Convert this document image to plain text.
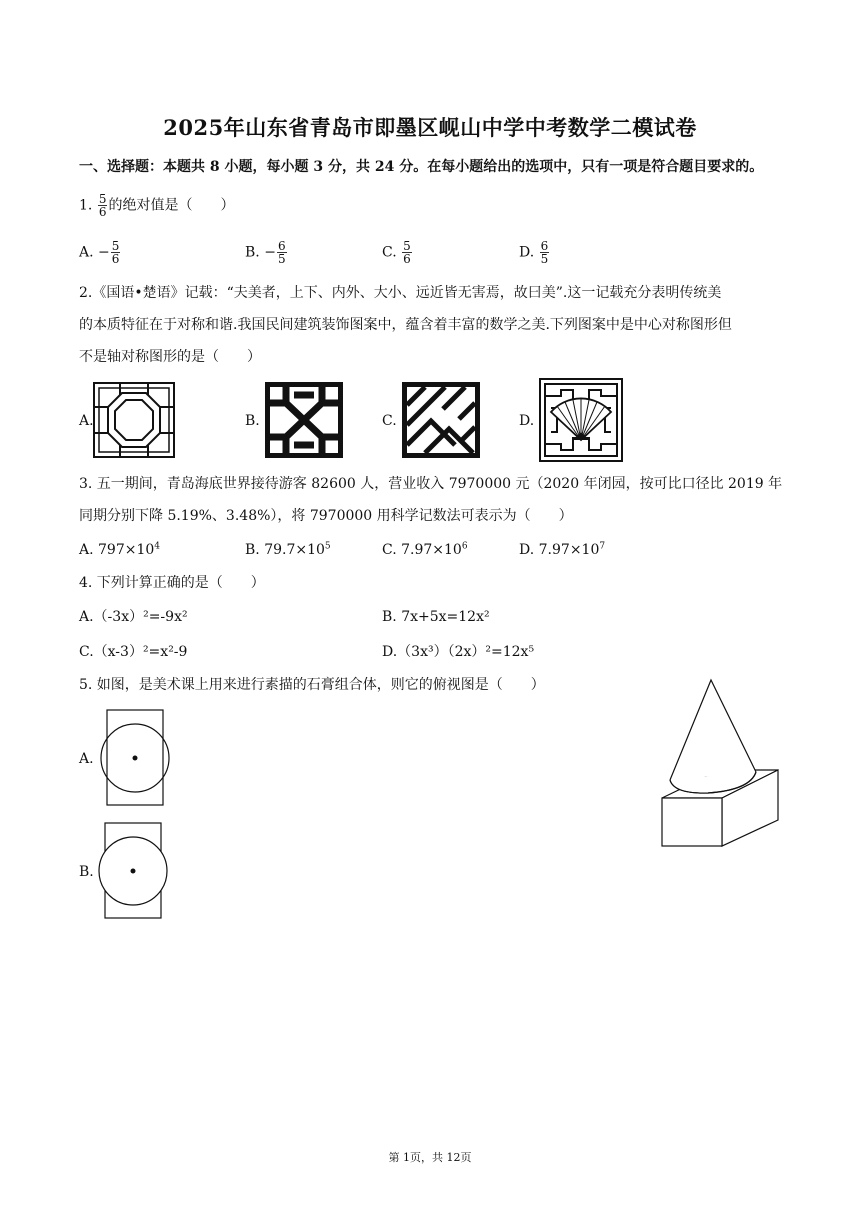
2025年山东省青岛市即墨区岘山中学中考数学二模试卷
一、选择题：本题共 8 小题，每小题 3 分，共 24 分。在每小题给出的选项中，只有一项是符合题目要求的。
1. $\frac{5}{6}$ 的绝对值是（　　）
A. − $\frac{5}{6}$	B. − $\frac{6}{5}$	C. $\frac{5}{6}$	D. $\frac{6}{5}$
2.《国语•楚语》记载：“夫美者，上下、内外、大小、远近皆无害焉，故曰美”.这一记载充分表明传统美
的本质特征在于对称和谐.我国民间建筑装饰图案中，蕴含着丰富的数学之美.下列图案中是中心对称图形但
不是轴对称图形的是（　　）
A.	B.	C.	D.
3. 五一期间，青岛海底世界接待游客 82600 人，营业收入 7970000 元（2020 年闭园，按可比口径比 2019 年
同期分别下降 5.19%、3.48%），将 7970000 用科学记数法可表示为（　　）
A. $797\times 10^4$	B. $79.7\times 10^5$	C. $7.97\times 10^6$	D. $7.97\times 10^7$
4. 下列计算正确的是（　　）
A.（-3x）²=-9x²	B. 7x+5x=12x²
C.（x-3）²=x²-9	D.（3x³）（2x）²=12x⁵
5. 如图，是美术课上用来进行素描的石膏组合体，则它的俯视图是（　　）
A.
B.
第 1页，共 12页
